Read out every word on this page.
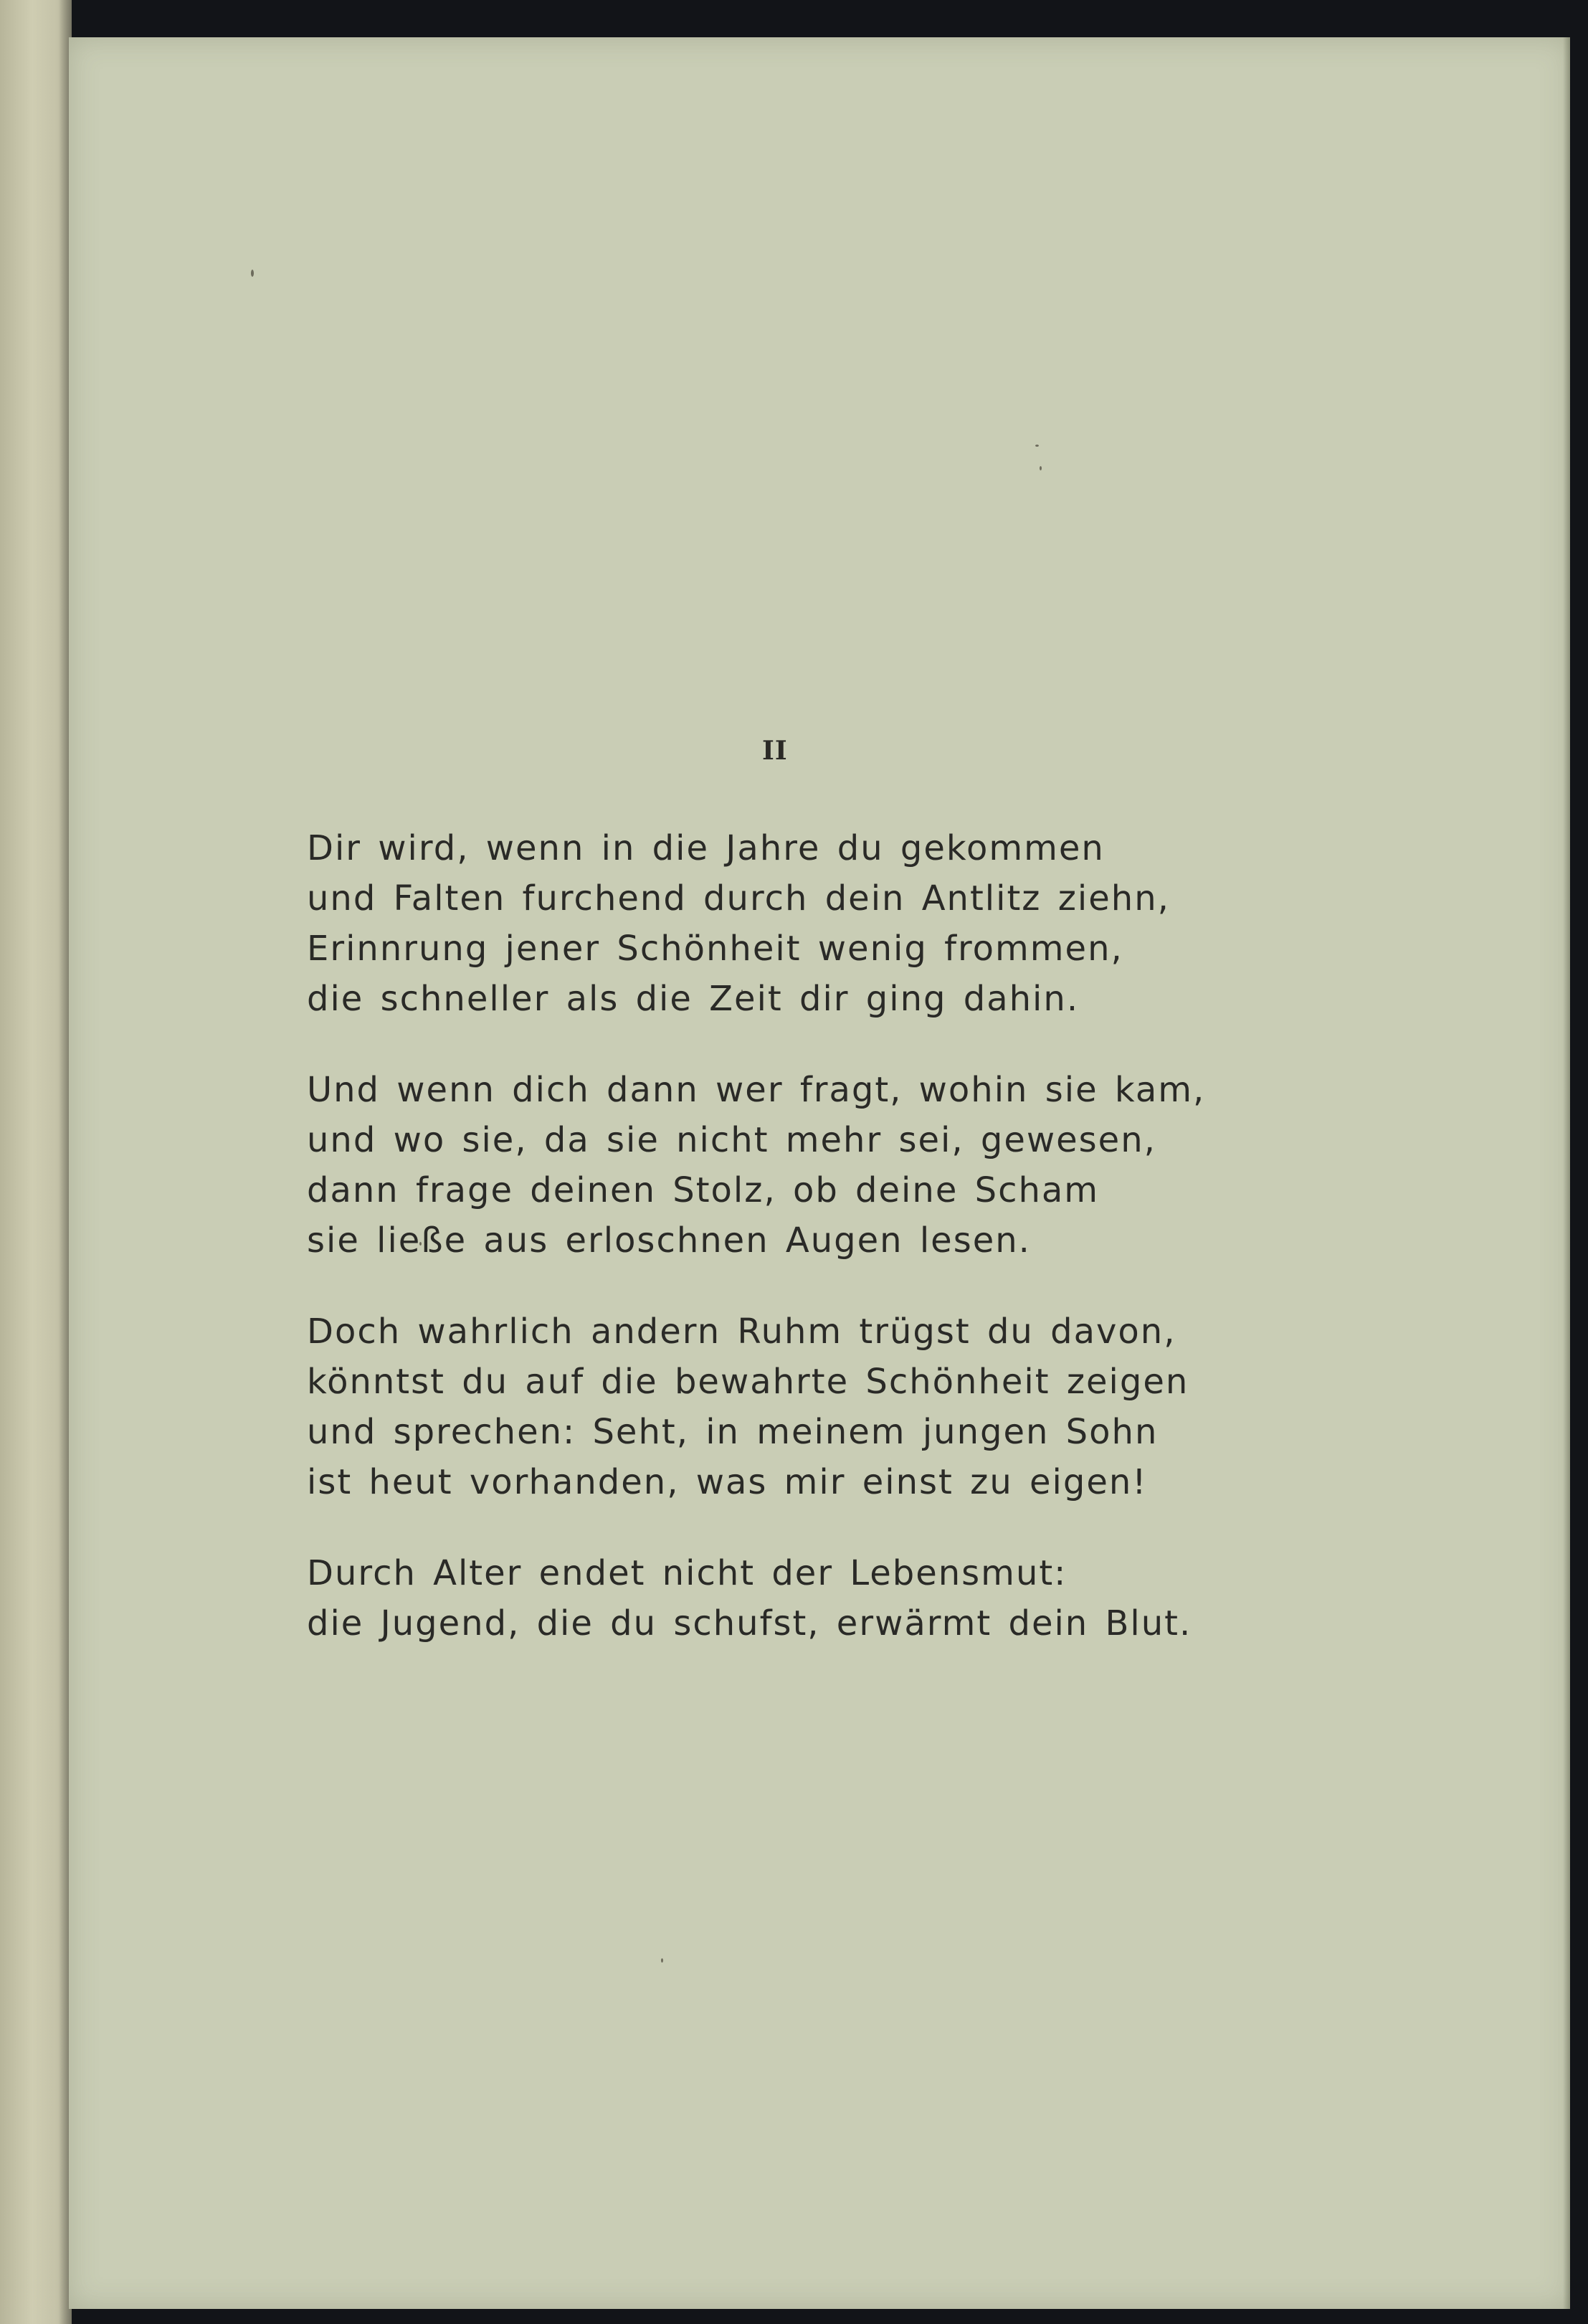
II
Dir wird, wenn in die Jahre du gekommen
und Falten furchend durch dein Antlitz ziehn,
Erinnrung jener Schönheit wenig frommen,
die schneller als die Zeit dir ging dahin.
Und wenn dich dann wer fragt, wohin sie kam,
und wo sie, da sie nicht mehr sei, gewesen,
dann frage deinen Stolz, ob deine Scham
sie ließe aus erloschnen Augen lesen.
Doch wahrlich andern Ruhm trügst du davon,
könntst du auf die bewahrte Schönheit zeigen
und sprechen: Seht, in meinem jungen Sohn
ist heut vorhanden, was mir einst zu eigen!
Durch Alter endet nicht der Lebensmut:
die Jugend, die du schufst, erwärmt dein Blut.
